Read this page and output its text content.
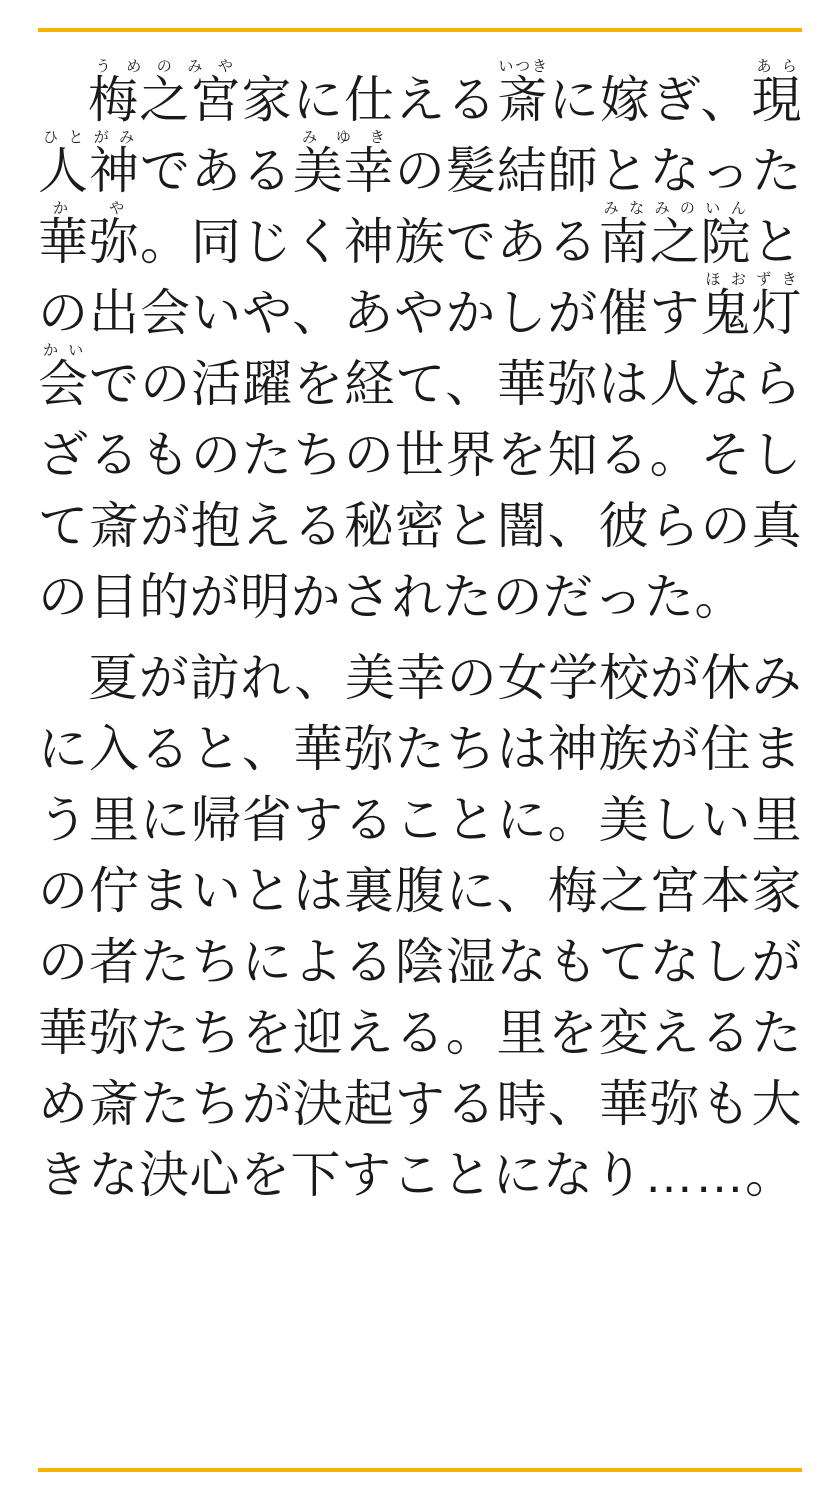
梅之宮うめのみや家に仕える斎いつきに嫁ぎ、現あら人神ひとがみである美幸みゆきの髪結師となった華弥かや。同じく神族である南之院みなみのいんとの出会いや、あやかしが催す鬼灯ほおずき会かいでの活躍を経て、華弥は人ならざるものたちの世界を知る。そして斎が抱える秘密と闇、彼らの真の目的が明かされたのだった。

夏が訪れ、美幸の女学校が休みに入ると、華弥たちは神族が住まう里に帰省することに。美しい里の佇まいとは裏腹に、梅之宮本家の者たちによる陰湿なもてなしが華弥たちを迎える。里を変えるため斎たちが決起する時、華弥も大きな決心を下すことになり……。
